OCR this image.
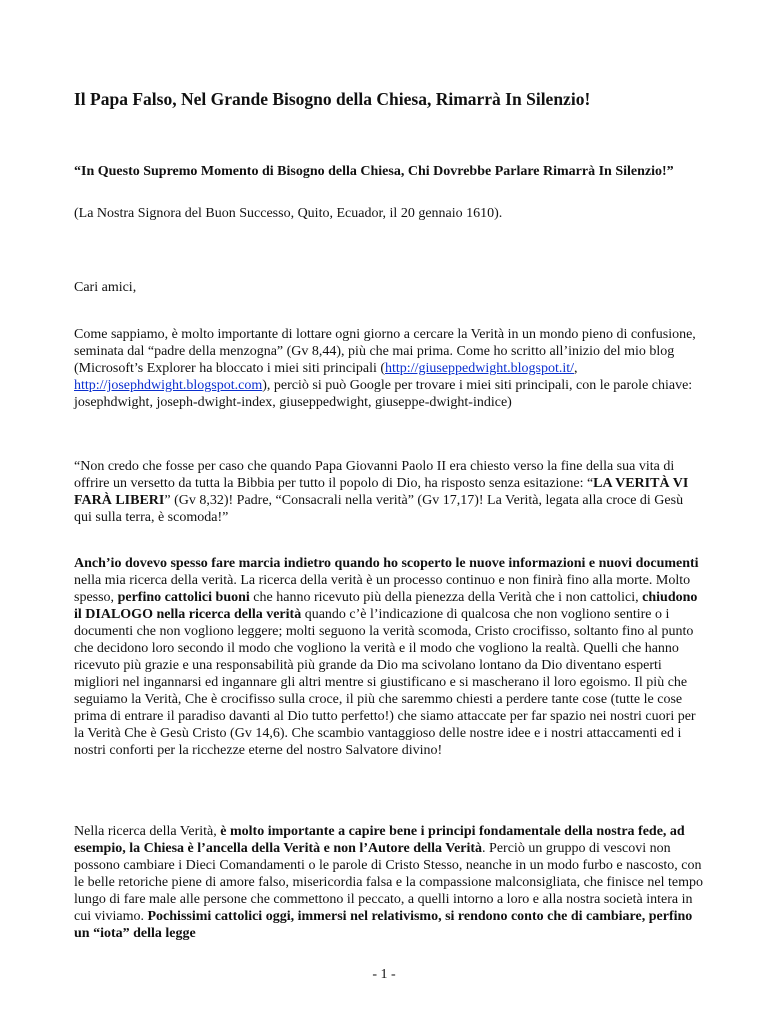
Il Papa Falso, Nel Grande Bisogno della Chiesa, Rimarrà In Silenzio!
“In Questo Supremo Momento di Bisogno della Chiesa, Chi Dovrebbe Parlare Rimarrà In Silenzio!”
(La Nostra Signora del Buon Successo, Quito, Ecuador, il 20 gennaio 1610).
Cari amici,
Come sappiamo, è molto importante di lottare ogni giorno a cercare la Verità in un mondo pieno di confusione, seminata dal “padre della menzogna” (Gv 8,44), più che mai prima. Come ho scritto all’inizio del mio blog (Microsoft’s Explorer ha bloccato i miei siti principali (http://giuseppedwight.blogspot.it/, http://josephdwight.blogspot.com), perciò si può Google per trovare i miei siti principali, con le parole chiave: josephdwight, joseph-dwight-index, giuseppedwight, giuseppe-dwight-indice)
“Non credo che fosse per caso che quando Papa Giovanni Paolo II era chiesto verso la fine della sua vita di offrire un versetto da tutta la Bibbia per tutto il popolo di Dio, ha risposto senza esitazione: “LA VERITÀ VI FARÀ LIBERI” (Gv 8,32)! Padre, “Consacrali nella verità” (Gv 17,17)! La Verità, legata alla croce di Gesù qui sulla terra, è scomoda!”
Anch’io dovevo spesso fare marcia indietro quando ho scoperto le nuove informazioni e nuovi documenti nella mia ricerca della verità. La ricerca della verità è un processo continuo e non finirà fino alla morte. Molto spesso, perfino cattolici buoni che hanno ricevuto più della pienezza della Verità che i non cattolici, chiudono il DIALOGO nella ricerca della verità quando c’è l’indicazione di qualcosa che non vogliono sentire o i documenti che non vogliono leggere; molti seguono la verità scomoda, Cristo crocifisso, soltanto fino al punto che decidono loro secondo il modo che vogliono la verità e il modo che vogliono la realtà. Quelli che hanno ricevuto più grazie e una responsabilità più grande da Dio ma scivolano lontano da Dio diventano esperti migliori nel ingannarsi ed ingannare gli altri mentre si giustificano e si mascherano il loro egoismo. Il più che seguiamo la Verità, Che è crocifisso sulla croce, il più che saremmo chiesti a perdere tante cose (tutte le cose prima di entrare il paradiso davanti al Dio tutto perfetto!) che siamo attaccate per far spazio nei nostri cuori per la Verità Che è Gesù Cristo (Gv 14,6). Che scambio vantaggioso delle nostre idee e i nostri attaccamenti ed i nostri conforti per la ricchezze eterne del nostro Salvatore divino!
Nella ricerca della Verità, è molto importante a capire bene i principi fondamentale della nostra fede, ad esempio, la Chiesa è l’ancella della Verità e non l’Autore della Verità. Perciò un gruppo di vescovi non possono cambiare i Dieci Comandamenti o le parole di Cristo Stesso, neanche in un modo furbo e nascosto, con le belle retoriche piene di amore falso, misericordia falsa e la compassione malconsigliata, che finisce nel tempo lungo di fare male alle persone che commettono il peccato, a quelli intorno a loro e alla nostra società intera in cui viviamo. Pochissimi cattolici oggi, immersi nel relativismo, si rendono conto che di cambiare, perfino un “iota” della legge
- 1 -
